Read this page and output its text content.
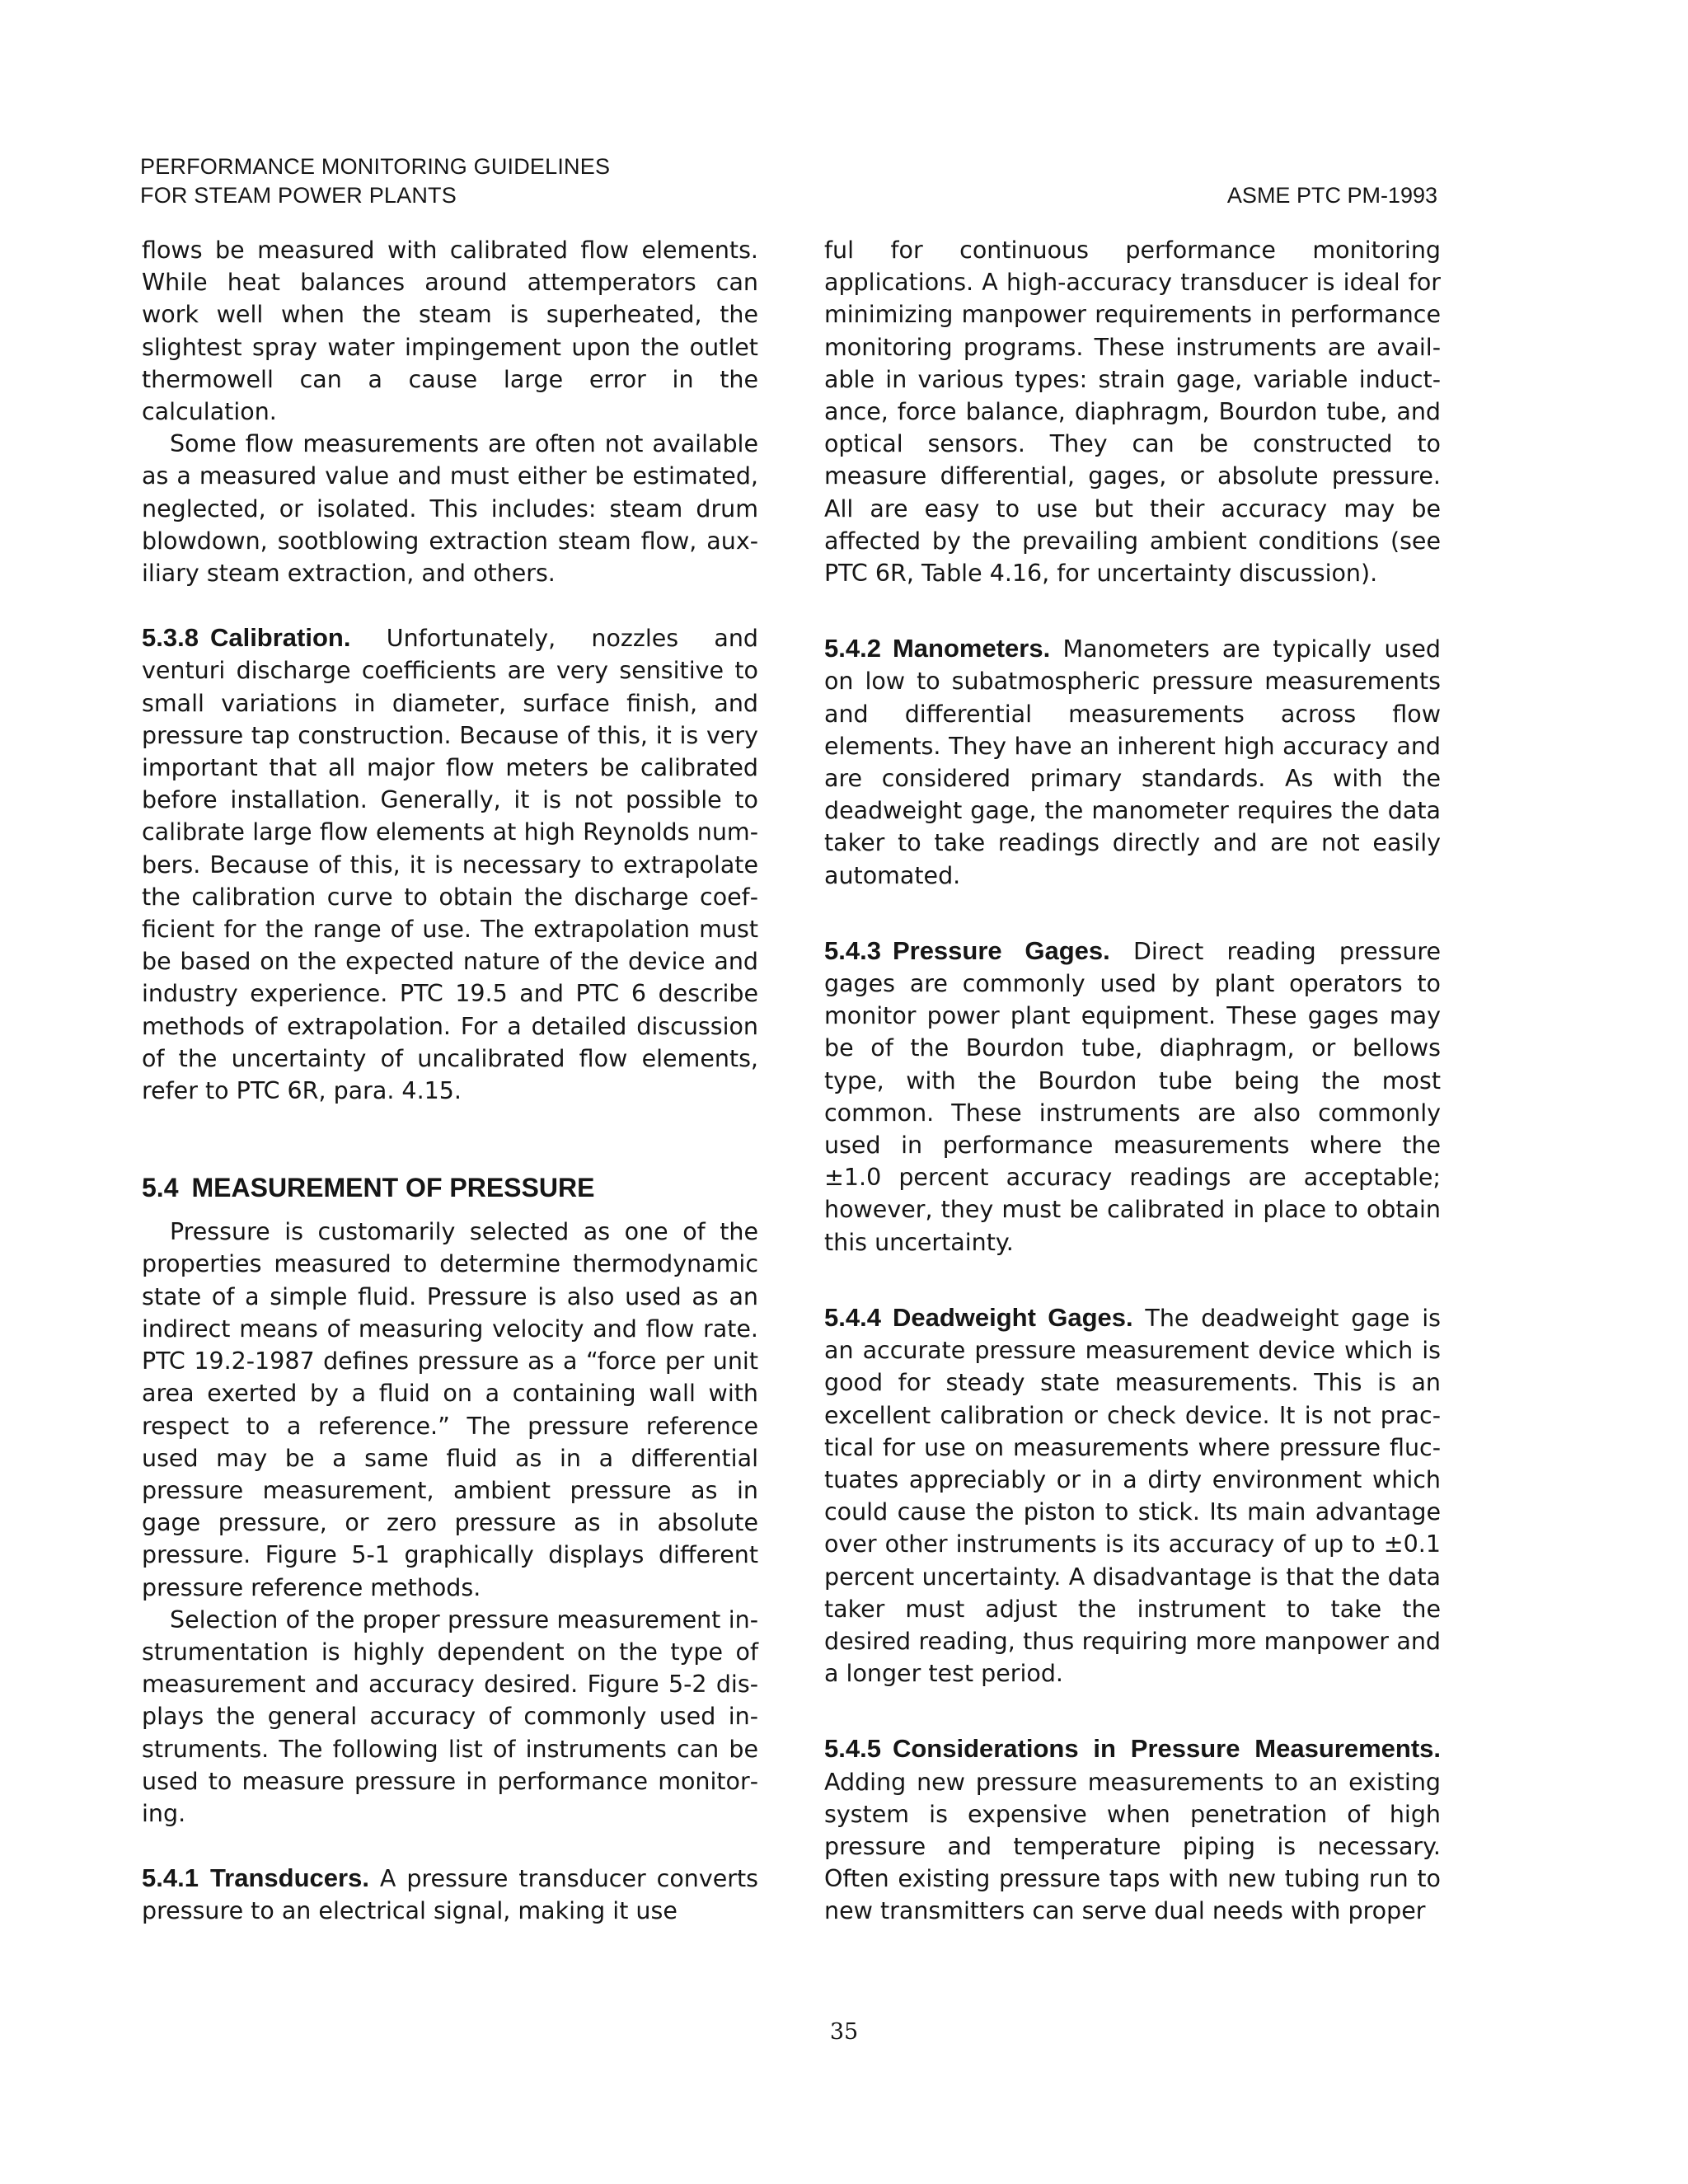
PERFORMANCE MONITORING GUIDELINES
FOR STEAM POWER PLANTS	ASME PTC PM-1993

flows be measured with calibrated flow elements. While heat balances around attemperators can work well when the steam is superheated, the slightest spray water impingement upon the outlet thermowell can a cause large error in the calculation.

Some flow measurements are often not available as a measured value and must either be estimated, neglected, or isolated. This includes: steam drum blowdown, sootblowing extraction steam flow, auxiliary steam extraction, and others.

5.3.8 Calibration. Unfortunately, nozzles and venturi discharge coefficients are very sensitive to small variations in diameter, surface finish, and pressure tap construction. Because of this, it is very important that all major flow meters be calibrated before installation. Generally, it is not possible to calibrate large flow elements at high Reynolds numbers. Because of this, it is necessary to extrapolate the calibration curve to obtain the discharge coefficient for the range of use. The extrapolation must be based on the expected nature of the device and industry experience. PTC 19.5 and PTC 6 describe methods of extrapolation. For a detailed discussion of the uncertainty of uncalibrated flow elements, refer to PTC 6R, para. 4.15.

5.4 MEASUREMENT OF PRESSURE

Pressure is customarily selected as one of the properties measured to determine thermodynamic state of a simple fluid. Pressure is also used as an indirect means of measuring velocity and flow rate. PTC 19.2-1987 defines pressure as a “force per unit area exerted by a fluid on a containing wall with respect to a reference.” The pressure reference used may be a same fluid as in a differential pressure measurement, ambient pressure as in gage pressure, or zero pressure as in absolute pressure. Figure 5-1 graphically displays different pressure reference methods.

Selection of the proper pressure measurement instrumentation is highly dependent on the type of measurement and accuracy desired. Figure 5-2 displays the general accuracy of commonly used instruments. The following list of instruments can be used to measure pressure in performance monitoring.

5.4.1 Transducers. A pressure transducer converts pressure to an electrical signal, making it use

ful for continuous performance monitoring applications. A high-accuracy transducer is ideal for minimizing manpower requirements in performance monitoring programs. These instruments are available in various types: strain gage, variable inductance, force balance, diaphragm, Bourdon tube, and optical sensors. They can be constructed to measure differential, gages, or absolute pressure. All are easy to use but their accuracy may be affected by the prevailing ambient conditions (see PTC 6R, Table 4.16, for uncertainty discussion).

5.4.2 Manometers. Manometers are typically used on low to subatmospheric pressure measurements and differential measurements across flow elements. They have an inherent high accuracy and are considered primary standards. As with the deadweight gage, the manometer requires the data taker to take readings directly and are not easily automated.

5.4.3 Pressure Gages. Direct reading pressure gages are commonly used by plant operators to monitor power plant equipment. These gages may be of the Bourdon tube, diaphragm, or bellows type, with the Bourdon tube being the most common. These instruments are also commonly used in performance measurements where the ±1.0 percent accuracy readings are acceptable; however, they must be calibrated in place to obtain this uncertainty.

5.4.4 Deadweight Gages. The deadweight gage is an accurate pressure measurement device which is good for steady state measurements. This is an excellent calibration or check device. It is not practical for use on measurements where pressure fluctuates appreciably or in a dirty environment which could cause the piston to stick. Its main advantage over other instruments is its accuracy of up to ±0.1 percent uncertainty. A disadvantage is that the data taker must adjust the instrument to take the desired reading, thus requiring more manpower and a longer test period.

5.4.5 Considerations in Pressure Measurements. Adding new pressure measurements to an existing system is expensive when penetration of high pressure and temperature piping is necessary. Often existing pressure taps with new tubing run to new transmitters can serve dual needs with proper

35
